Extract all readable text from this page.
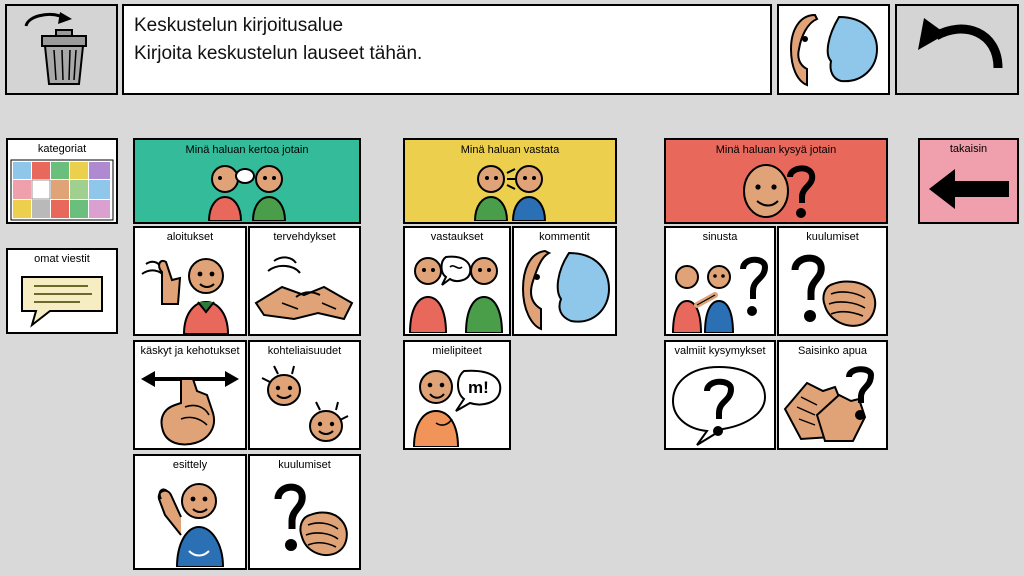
Keskustelun kirjoitusalue
Kirjoita keskustelun lauseet tähän.
kategoriat
omat viestit
Minä haluan kertoa jotain
aloitukset	tervehdykset
käskyt ja kehotukset	kohteliaisuudet
esittely	kuulumiset
Minä haluan vastata
vastaukset	kommentit
mielipiteet
m!
Minä haluan kysyä jotain
sinusta	kuulumiset
valmiit kysymykset	Saisinko apua
takaisin
